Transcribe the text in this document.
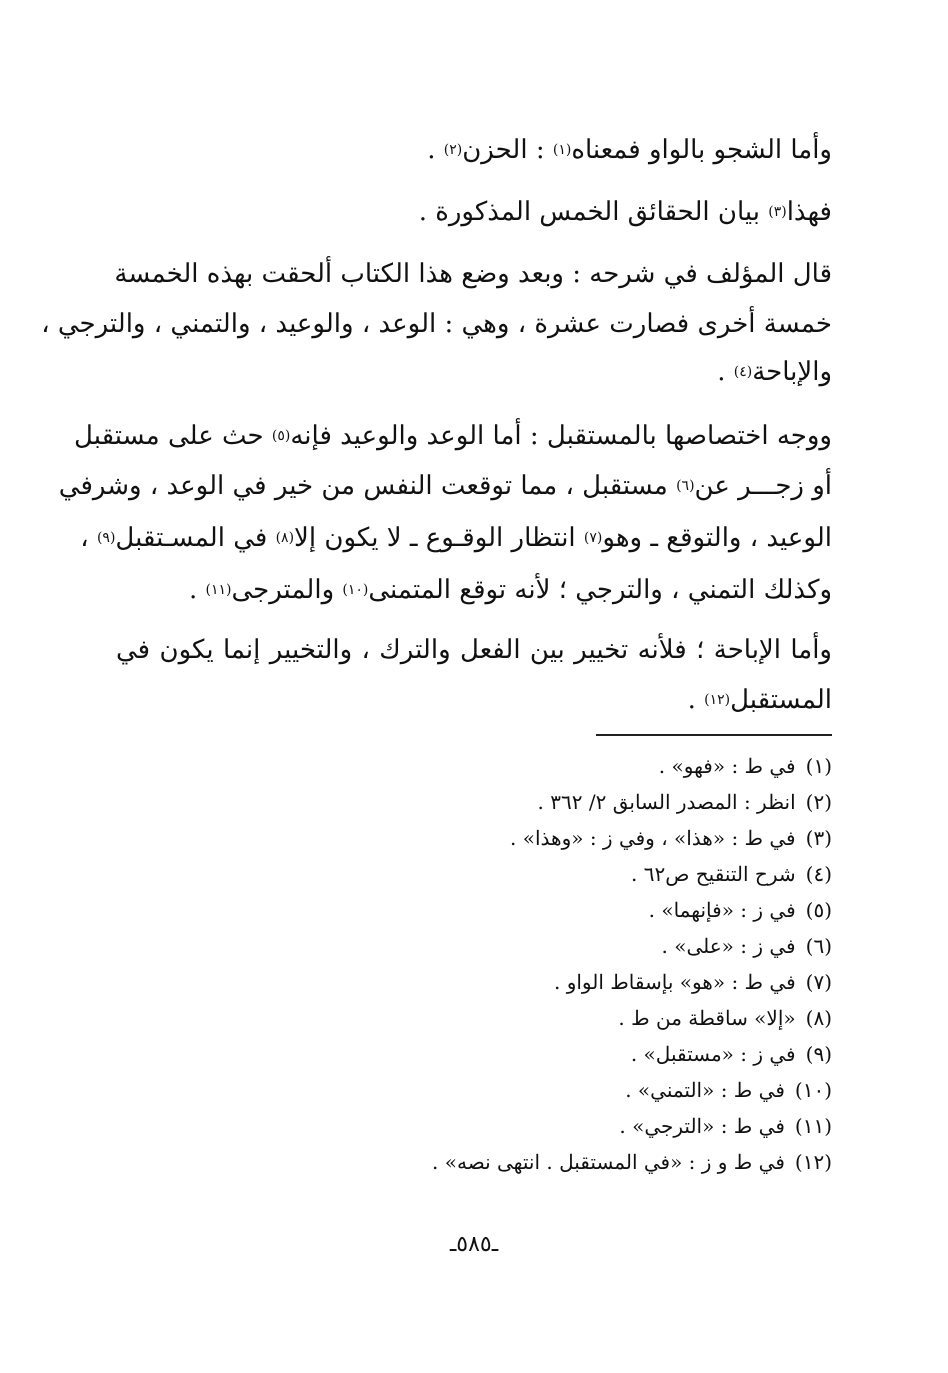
وأما الشجو بالواو فمعناه$^{(١)}$ : الحزن$^{(٢)}$ .
فهذا$^{(٣)}$ بيان الحقائق الخمس المذكورة .
قال المؤلف في شرحه : وبعد وضع هذا الكتاب ألحقت بهذه الخمسة
خمسة أخرى فصارت عشرة ، وهي : الوعد ، والوعيد ، والتمني ، والترجي ،
والإباحة$^{(٤)}$ .
ووجه اختصاصها بالمستقبل : أما الوعد والوعيد فإنه$^{(٥)}$ حث على مستقبل
أو زجـــر عن$^{(٦)}$ مستقبل ، مما توقعت النفس من خير في الوعد ، وشرفي
الوعيد ، والتوقع ـ وهو$^{(٧)}$ انتظار الوقـوع ـ لا يكون إلا$^{(٨)}$ في المسـتقبل$^{(٩)}$ ،
وكذلك التمني ، والترجي ؛ لأنه توقع المتمنى$^{(١٠)}$ والمترجى$^{(١١)}$ .
وأما الإباحة ؛ فلأنه تخيير بين الفعل والترك ، والتخيير إنما يكون في
المستقبل$^{(١٢)}$ .
(١)في ط : «فهو» .
(٢)انظر : المصدر السابق ٢/ ٣٦٢ .
(٣)في ط : «هذا» ، وفي ز : «وهذا» .
(٤)شرح التنقيح ص٦٢ .
(٥)في ز : «فإنهما» .
(٦)في ز : «على» .
(٧)في ط : «هو» بإسقاط الواو .
(٨)«إلا» ساقطة من ط .
(٩)في ز : «مستقبل» .
(١٠)في ط : «التمني» .
(١١)في ط : «الترجي» .
(١٢)في ط و ز : «في المستقبل . انتهى نصه» .
ـ٥٨٥ـ
